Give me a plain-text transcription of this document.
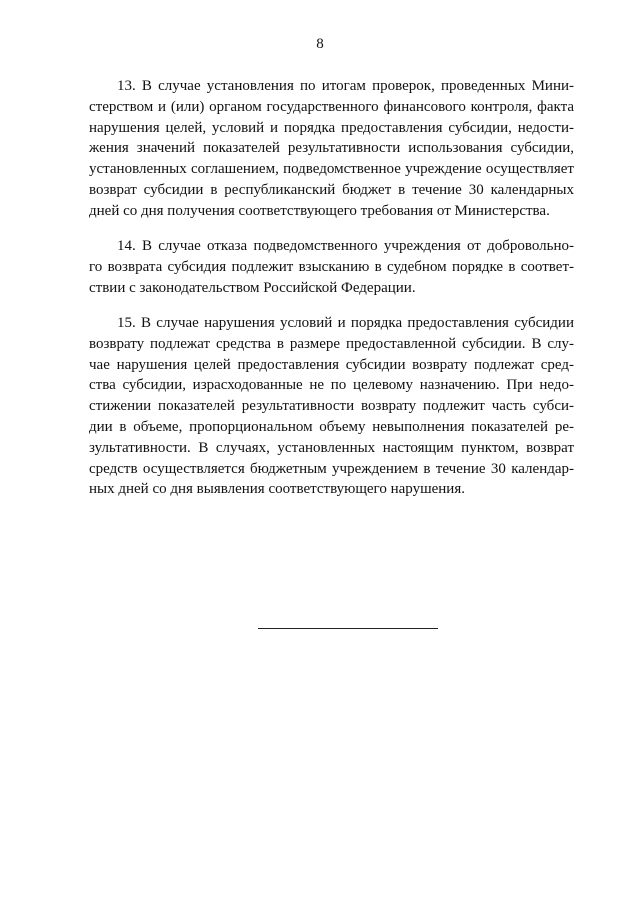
8
13. В случае установления по итогам проверок, проведенных Мини-
стерством и (или) органом государственного финансового контроля, факта
нарушения целей, условий и порядка предоставления субсидии, недости-
жения значений показателей результативности использования субсидии,
установленных соглашением, подведомственное учреждение осуществляет
возврат субсидии в республиканский бюджет в течение 30 календарных
дней со дня получения соответствующего требования от Министерства.
14. В случае отказа подведомственного учреждения от добровольно-
го возврата субсидия подлежит взысканию в судебном порядке в соответ-
ствии с законодательством Российской Федерации.
15. В случае нарушения условий и порядка предоставления субсидии
возврату подлежат средства в размере предоставленной субсидии. В слу-
чае нарушения целей предоставления субсидии возврату подлежат сред-
ства субсидии, израсходованные не по целевому назначению. При недо-
стижении показателей результативности возврату подлежит часть субси-
дии в объеме, пропорциональном объему невыполнения показателей ре-
зультативности. В случаях, установленных настоящим пунктом, возврат
средств осуществляется бюджетным учреждением в течение 30 календар-
ных дней со дня выявления соответствующего нарушения.
